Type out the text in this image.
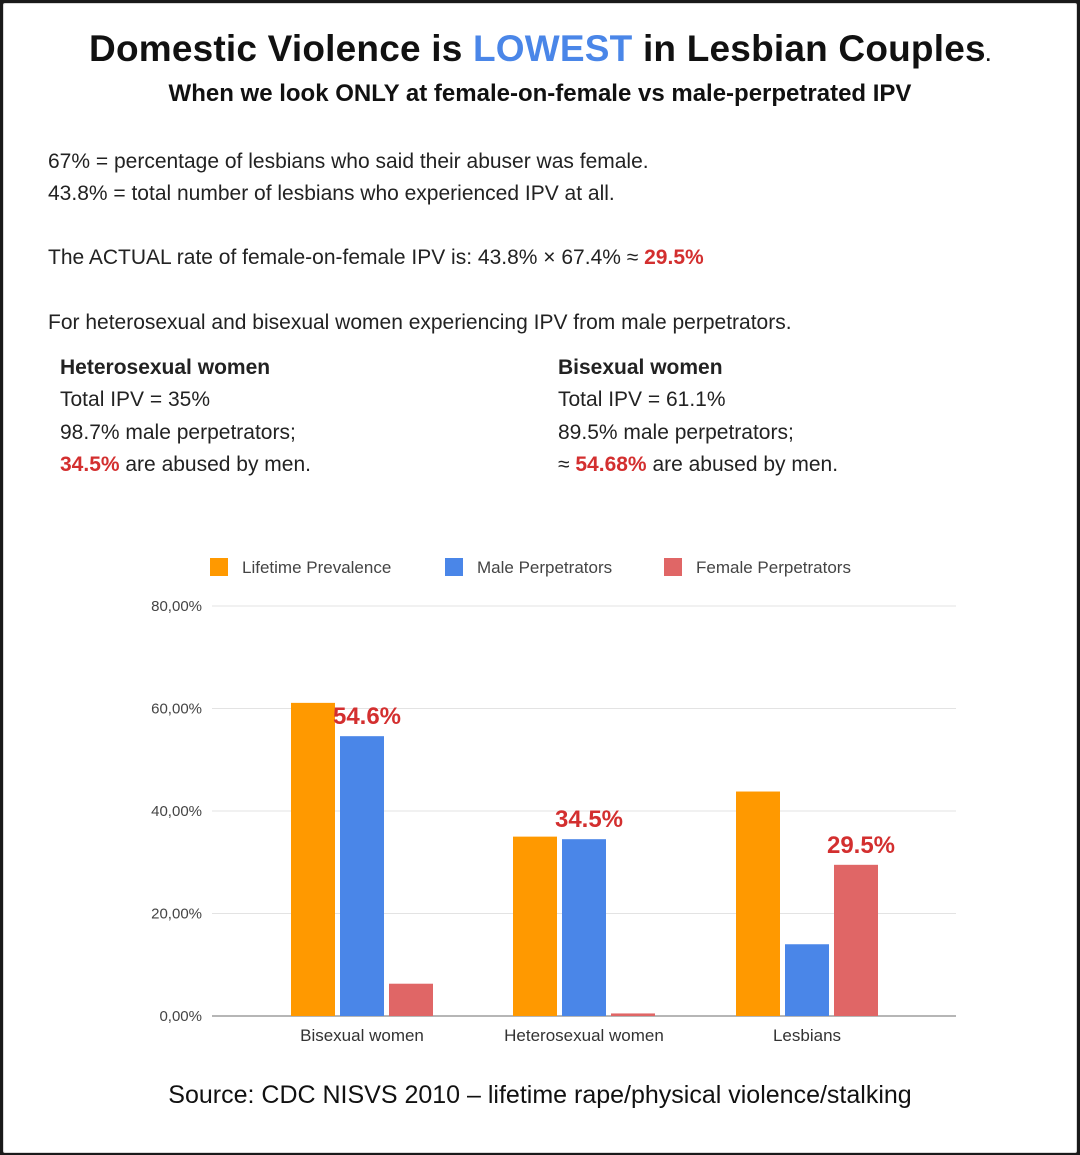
Domestic Violence is LOWEST in Lesbian Couples.
When we look ONLY at female-on-female vs male-perpetrated IPV
67% = percentage of lesbians who said their abuser was female.
43.8% = total number of lesbians who experienced IPV at all.
The ACTUAL rate of female-on-female IPV is: 43.8% × 67.4% ≈ 29.5%
For heterosexual and bisexual women experiencing IPV from male perpetrators.
Heterosexual women
Total IPV = 35%
98.7% male perpetrators;
34.5% are abused by men.
Bisexual women
Total IPV = 61.1%
89.5% male perpetrators;
≈ 54.68% are abused by men.
0,00%
20,00%
40,00%
60,00%
80,00%
Bisexual women	Heterosexual women	Lesbians
54.6%
34.5%
29.5%
Lifetime Prevalence	Male Perpetrators	Female Perpetrators
Source: CDC NISVS 2010 – lifetime rape/physical violence/stalking
